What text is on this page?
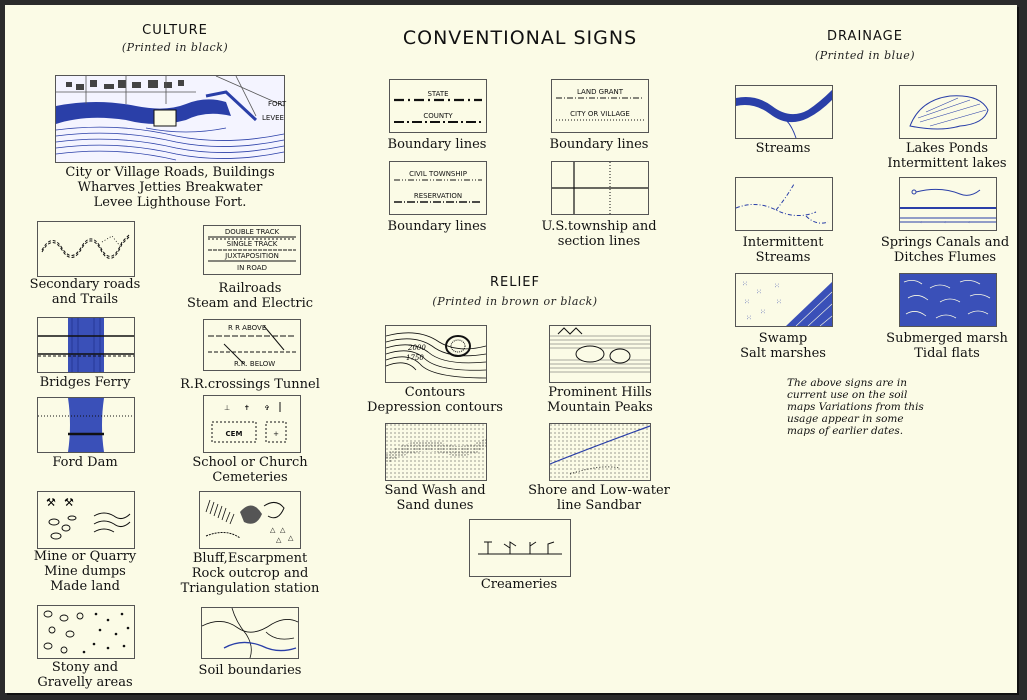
CULTURE
(Printed in black)	CONVENTIONAL SIGNS	DRAINAGE
(Printed in blue)
FORT
LEVEE
City or Village Roads, Buildings
Wharves Jetties Breakwater
Levee Lighthouse Fort.
Secondary roads
and Trails
DOUBLE TRACK
SINGLE TRACK
JUXTAPOSITION
IN ROAD
Railroads
Steam and Electric
Bridges Ferry
R R ABOVE
R.R. BELOW
R.R.crossings Tunnel
Ford Dam
⊥ ✝ ✞
CEM	+
School or Church
Cemeteries
⚒ ⚒
Mine or Quarry
Mine dumps
Made land
△ △
△
△
Bluff,Escarpment
Rock outcrop and
Triangulation station
Stony and
Gravelly areas
Soil boundaries
STATE
COUNTY
Boundary lines
LAND GRANT
CITY OR VILLAGE
Boundary lines
CIVIL TOWNSHIP
RESERVATION
Boundary lines	U.S.township and
section lines
RELIEF
(Printed in brown or black)
2000
1750
Contours
Depression contours
Prominent Hills
Mountain Peaks
Sand Wash and
Sand dunes
Shore and Low-water
line Sandbar
Creameries
Streams	Lakes Ponds
Intermittent lakes
Intermittent
Streams
←	←	←
Springs Canals and
Ditches Flumes
⁙
⁙
⁙
⁙
⁙
⁙
⁙
Swamp
Salt marshes
Submerged marsh
Tidal flats
The above signs are in
current use on the soil
maps Variations from this
usage appear in some
maps of earlier dates.
